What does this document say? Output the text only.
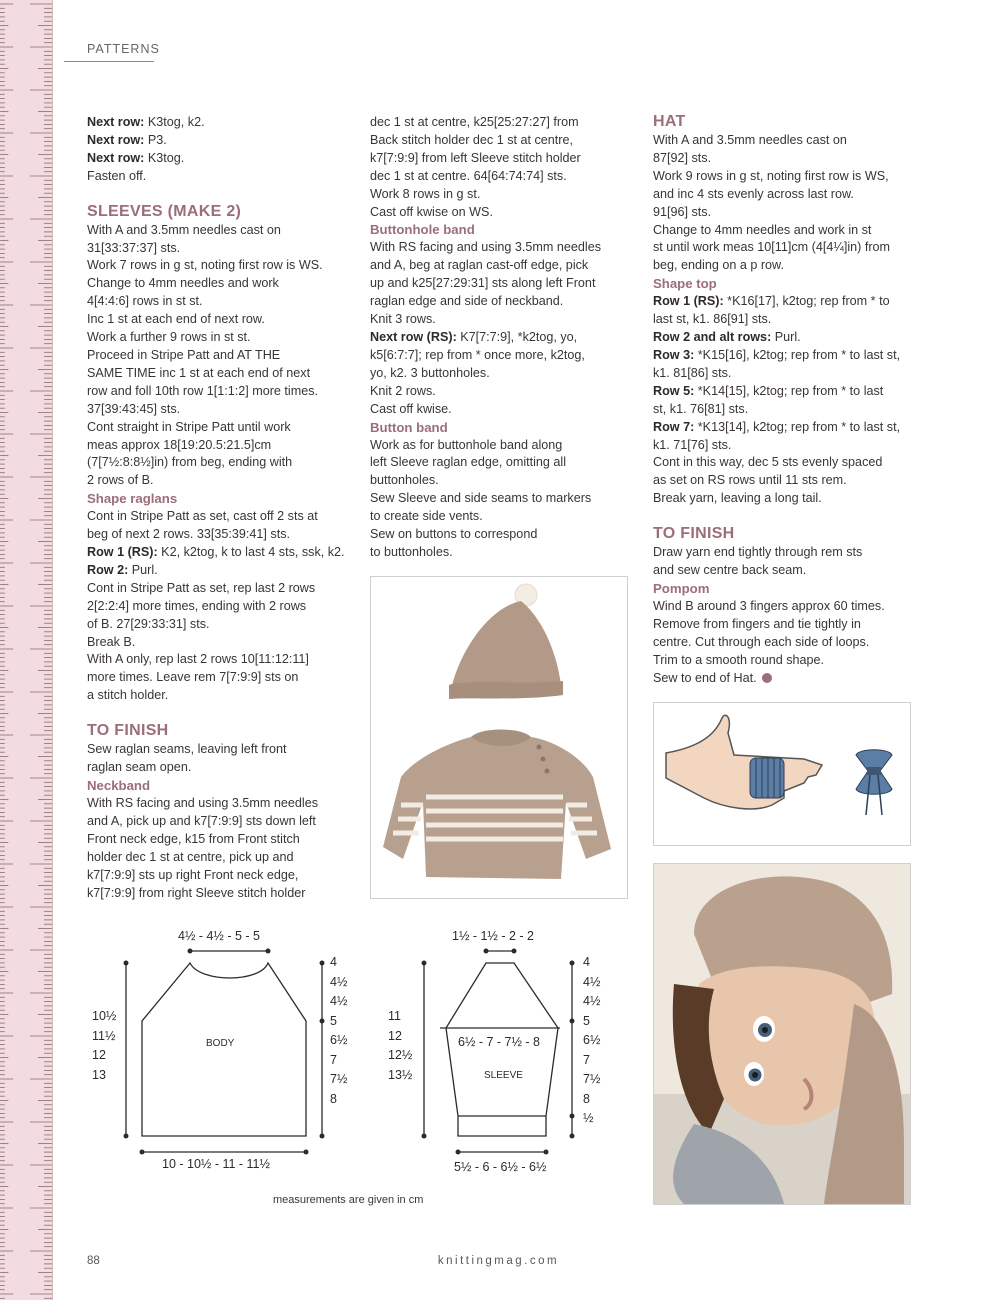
PATTERNS
Next row: K3tog, k2.
Next row: P3.
Next row: K3tog.
Fasten off.
SLEEVES (MAKE 2)
With A and 3.5mm needles cast on
31[33:37:37] sts.
Work 7 rows in g st, noting first row is WS.
Change to 4mm needles and work
4[4:4:6] rows in st st.
Inc 1 st at each end of next row.
Work a further 9 rows in st st.
Proceed in Stripe Patt and AT THE
SAME TIME inc 1 st at each end of next
row and foll 10th row 1[1:1:2] more times.
37[39:43:45] sts.
Cont straight in Stripe Patt until work
meas approx 18[19:20.5:21.5]cm
(7[7½:8:8½]in) from beg, ending with
2 rows of B.
Shape raglans
Cont in Stripe Patt as set, cast off 2 sts at
beg of next 2 rows. 33[35:39:41] sts.
Row 1 (RS): K2, k2tog, k to last 4 sts, ssk, k2.
Row 2: Purl.
Cont in Stripe Patt as set, rep last 2 rows
2[2:2:4] more times, ending with 2 rows
of B. 27[29:33:31] sts.
Break B.
With A only, rep last 2 rows 10[11:12:11]
more times. Leave rem 7[7:9:9] sts on
a stitch holder.
TO FINISH
Sew raglan seams, leaving left front
raglan seam open.
Neckband
With RS facing and using 3.5mm needles
and A, pick up and k7[7:9:9] sts down left
Front neck edge, k15 from Front stitch
holder dec 1 st at centre, pick up and
k7[7:9:9] sts up right Front neck edge,
k7[7:9:9] from right Sleeve stitch holder
dec 1 st at centre, k25[25:27:27] from
Back stitch holder dec 1 st at centre,
k7[7:9:9] from left Sleeve stitch holder
dec 1 st at centre. 64[64:74:74] sts.
Work 8 rows in g st.
Cast off kwise on WS.
Buttonhole band
With RS facing and using 3.5mm needles
and A, beg at raglan cast-off edge, pick
up and k25[27:29:31] sts along left Front
raglan edge and side of neckband.
Knit 3 rows.
Next row (RS): K7[7:7:9], *k2tog, yo,
k5[6:7:7]; rep from * once more, k2tog,
yo, k2. 3 buttonholes.
Knit 2 rows.
Cast off kwise.
Button band
Work as for buttonhole band along
left Sleeve raglan edge, omitting all
buttonholes.
Sew Sleeve and side seams to markers
to create side vents.
Sew on buttons to correspond
to buttonholes.
HAT
With A and 3.5mm needles cast on
87[92] sts.
Work 9 rows in g st, noting first row is WS,
and inc 4 sts evenly across last row.
91[96] sts.
Change to 4mm needles and work in st
st until work meas 10[11]cm (4[4¼]in) from
beg, ending on a p row.
Shape top
Row 1 (RS): *K16[17], k2tog; rep from * to
last st, k1. 86[91] sts.
Row 2 and alt rows: Purl.
Row 3: *K15[16], k2tog; rep from * to last st,
k1. 81[86] sts.
Row 5: *K14[15], k2tog; rep from * to last
st, k1. 76[81] sts.
Row 7: *K13[14], k2tog; rep from * to last st,
k1. 71[76] sts.
Cont in this way, dec 5 sts evenly spaced
as set on RS rows until 11 sts rem.
Break yarn, leaving a long tail.
TO FINISH
Draw yarn end tightly through rem sts
and sew centre back seam.
Pompom
Wind B around 3 fingers approx 60 times.
Remove from fingers and tie tightly in
centre. Cut through each side of loops.
Trim to a smooth round shape.
Sew to end of Hat.
4½ - 4½ - 5 - 5
10 - 10½ - 11 - 11½
10½
11½
12
13
4
4½
4½
5
6½
7
7½
8
BODY
1½ - 1½ - 2 - 2
6½ - 7 - 7½ - 8
5½ - 6 - 6½ - 6½
11
12
12½
13½
4
4½
4½
5
6½
7
7½
8
½
SLEEVE
measurements are given in cm
88	knittingmag.com
